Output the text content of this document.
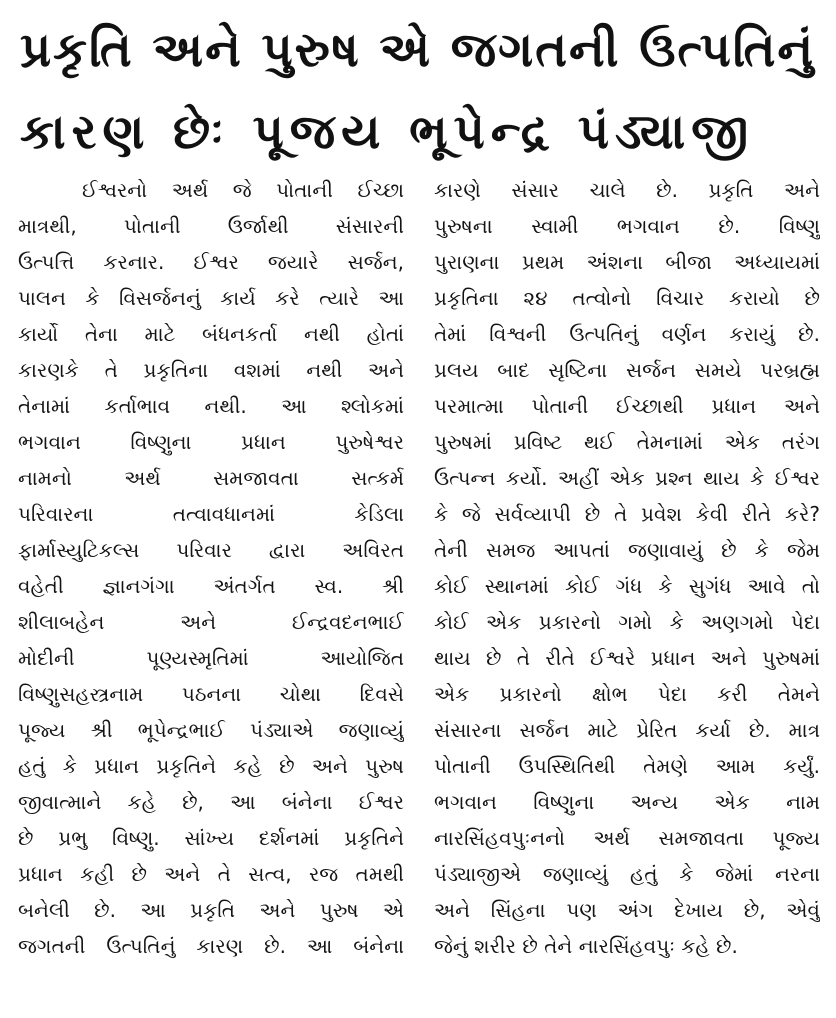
પ્રકૃતિ અને પુરુષ એ જગતની ઉત્પતિનું
કારણ છેઃ પૂજય ભૂપેન્દ્ર પંડ્યાજી
ઈશ્વરનો અર્થ જે પોતાની ઈચ્છા
માત્રથી, પોતાની ઉર્જાથી સંસારની
ઉત્પત્તિ કરનાર. ઈશ્વર જયારે સર્જન,
પાલન કે વિસર્જનનું કાર્ય કરે ત્યારે આ
કાર્યો તેના માટે બંધનકર્તા નથી હોતાં
કારણકે તે પ્રકૃતિના વશમાં નથી અને
તેનામાં કર્તાભાવ નથી. આ શ્લોકમાં
ભગવાન વિષ્ણુના પ્રધાન પુરુષેશ્વર
નામનો અર્થ સમજાવતા સત્કર્મ
પરિવારના તત્વાવધાનમાં કેડિલા
ફાર્માસ્યુટિકલ્સ પરિવાર દ્વારા અવિરત
વહેતી જ્ઞાનગંગા અંતર્ગત સ્વ. શ્રી
શીલાબહેન અને ઈન્દ્રવદનભાઈ
મોદીની પૂણ્યસ્મૃતિમાં આયોજિત
વિષ્ણુસહસ્ત્રનામ પઠનના ચોથા દિવસે
પૂજ્ય શ્રી ભૂપેન્દ્રભાઈ પંડ્યાએ જણાવ્યું
હતું કે પ્રધાન પ્રકૃતિને કહે છે અને પુરુષ
જીવાત્માને કહે છે, આ બંનેના ઈશ્વર
છે પ્રભુ વિષ્ણુ. સાંખ્ય દર્શનમાં પ્રકૃતિને
પ્રધાન કહી છે અને તે સત્વ, રજ તમથી
બનેલી છે. આ પ્રકૃતિ અને પુરુષ એ
જગતની ઉત્પતિનું કારણ છે. આ બંનેના
કારણે સંસાર ચાલે છે. પ્રકૃતિ અને
પુરુષના સ્વામી ભગવાન છે. વિષ્ણુ
પુરાણના પ્રથમ અંશના બીજા અધ્યાયમાં
પ્રકૃતિના ૨૪ તત્વોનો વિચાર કરાયો છે
તેમાં વિશ્વની ઉત્પતિનું વર્ણન કરાયું છે.
પ્રલય બાદ સૃષ્ટિના સર્જન સમયે પરબ્રહ્મ
પરમાત્મા પોતાની ઈચ્છાથી પ્રધાન અને
પુરુષમાં પ્રવિષ્ટ થઈ તેમનામાં એક તરંગ
ઉત્પન્ન કર્યો. અહીં એક પ્રશ્ન થાય કે ઈશ્વર
કે જે સર્વવ્યાપી છે તે પ્રવેશ કેવી રીતે કરે?
તેની સમજ આપતાં જણાવાયું છે કે જેમ
કોઈ સ્થાનમાં કોઈ ગંધ કે સુગંધ આવે તો
કોઈ એક પ્રકારનો ગમો કે અણગમો પેદા
થાય છે તે રીતે ઈશ્વરે પ્રધાન અને પુરુષમાં
એક પ્રકારનો ક્ષોભ પેદા કરી તેમને
સંસારના સર્જન માટે પ્રેરિત કર્યા છે. માત્ર
પોતાની ઉપસ્થિતિથી તેમણે આમ કર્યું.
ભગવાન વિષ્ણુના અન્ય એક નામ
નારસિંહવપુઃનનો અર્થ સમજાવતા પૂજ્ય
પંડ્યાજીએ જણાવ્યું હતું કે જેમાં નરના
અને સિંહના પણ અંગ દેખાય છે, એવું
જેનું શરીર છે તેને નારસિંહવપુઃ કહે છે.
